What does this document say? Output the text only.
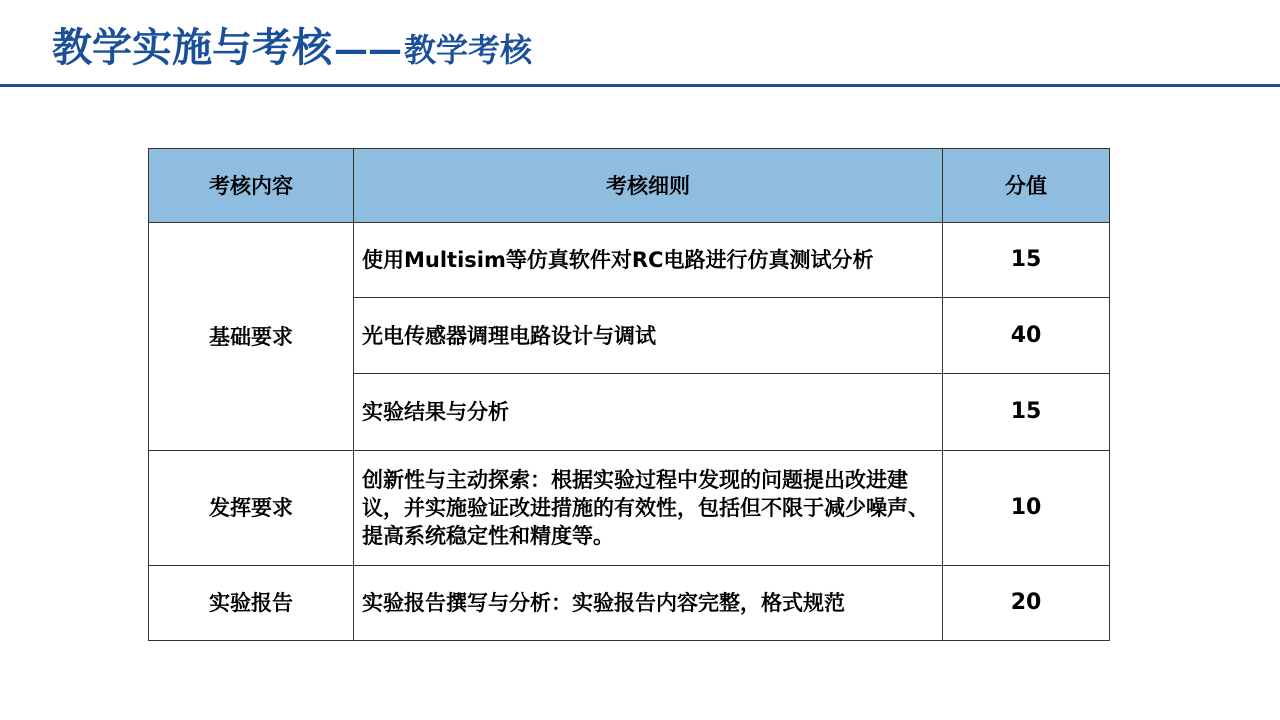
教学实施与考核 —— 教学考核
考核内容	考核细则	分值
基础要求	使用Multisim等仿真软件对RC电路进行仿真测试分析	15
	光电传感器调理电路设计与调试	40
	实验结果与分析	15
发挥要求	创新性与主动探索：根据实验过程中发现的问题提出改进建议，并实施验证改进措施的有效性，包括但不限于减少噪声、提高系统稳定性和精度等。	10
实验报告	实验报告撰写与分析：实验报告内容完整，格式规范	20
